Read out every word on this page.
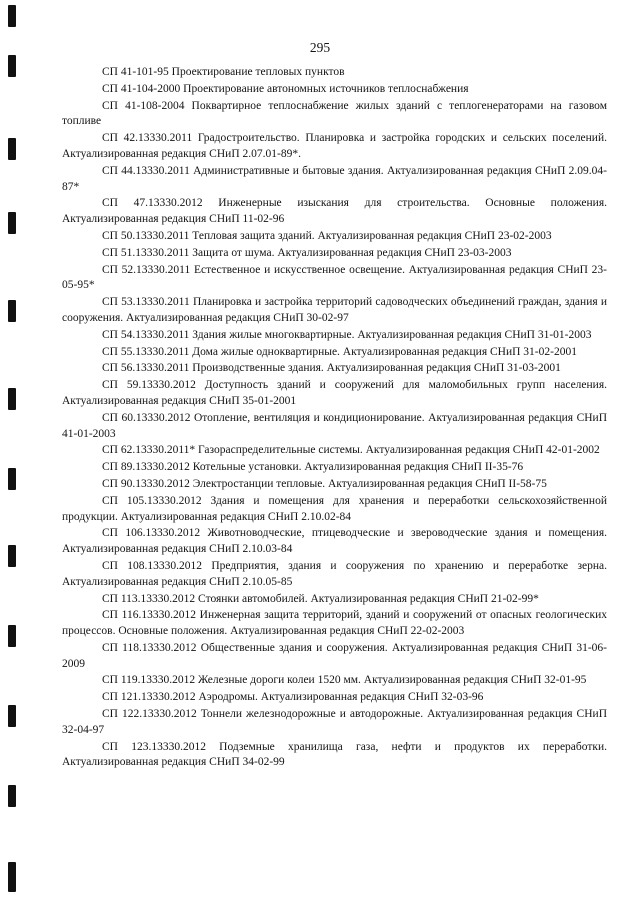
295

СП 41-101-95 Проектирование тепловых пунктов

СП 41-104-2000 Проектирование автономных источников теплоснабжения

СП 41-108-2004 Поквартирное теплоснабжение жилых зданий с теплогенераторами на газовом топливе

СП 42.13330.2011 Градостроительство. Планировка и застройка городских и сельских поселений. Актуализированная редакция СНиП 2.07.01-89*.

СП 44.13330.2011 Административные и бытовые здания. Актуализированная редакция СНиП 2.09.04-87*

СП 47.13330.2012 Инженерные изыскания для строительства. Основные положения. Актуализированная редакция СНиП 11-02-96

СП 50.13330.2011 Тепловая защита зданий. Актуализированная редакция СНиП 23-02-2003

СП 51.13330.2011 Защита от шума. Актуализированная редакция СНиП 23-03-2003

СП 52.13330.2011 Естественное и искусственное освещение. Актуализированная редакция СНиП 23-05-95*

СП 53.13330.2011 Планировка и застройка территорий садоводческих объединений граждан, здания и сооружения. Актуализированная редакция СНиП 30-02-97

СП 54.13330.2011 Здания жилые многоквартирные. Актуализированная редакция СНиП 31-01-2003

СП 55.13330.2011 Дома жилые одноквартирные. Актуализированная редакция СНиП 31-02-2001

СП 56.13330.2011 Производственные здания. Актуализированная редакция СНиП 31-03-2001

СП 59.13330.2012 Доступность зданий и сооружений для маломобильных групп населения. Актуализированная редакция СНиП 35-01-2001

СП 60.13330.2012 Отопление, вентиляция и кондиционирование. Актуализированная редакция СНиП 41-01-2003

СП 62.13330.2011* Газораспределительные системы. Актуализированная редакция СНиП 42-01-2002

СП 89.13330.2012 Котельные установки. Актуализированная редакция СНиП II-35-76

СП 90.13330.2012 Электростанции тепловые. Актуализированная редакция СНиП II-58-75

СП 105.13330.2012 Здания и помещения для хранения и переработки сельскохозяйственной продукции. Актуализированная редакция СНиП 2.10.02-84

СП 106.13330.2012 Животноводческие, птицеводческие и звероводческие здания и помещения. Актуализированная редакция СНиП 2.10.03-84

СП 108.13330.2012 Предприятия, здания и сооружения по хранению и переработке зерна. Актуализированная редакция СНиП 2.10.05-85

СП 113.13330.2012 Стоянки автомобилей. Актуализированная редакция СНиП 21-02-99*

СП 116.13330.2012 Инженерная защита территорий, зданий и сооружений от опасных геологических процессов. Основные положения. Актуализированная редакция СНиП 22-02-2003

СП 118.13330.2012 Общественные здания и сооружения. Актуализированная редакция СНиП 31-06-2009

СП 119.13330.2012 Железные дороги колеи 1520 мм. Актуализированная редакция СНиП 32-01-95

СП 121.13330.2012 Аэродромы. Актуализированная редакция СНиП 32-03-96

СП 122.13330.2012 Тоннели железнодорожные и автодорожные. Актуализированная редакция СНиП 32-04-97

СП 123.13330.2012 Подземные хранилища газа, нефти и продуктов их переработки. Актуализированная редакция СНиП 34-02-99
